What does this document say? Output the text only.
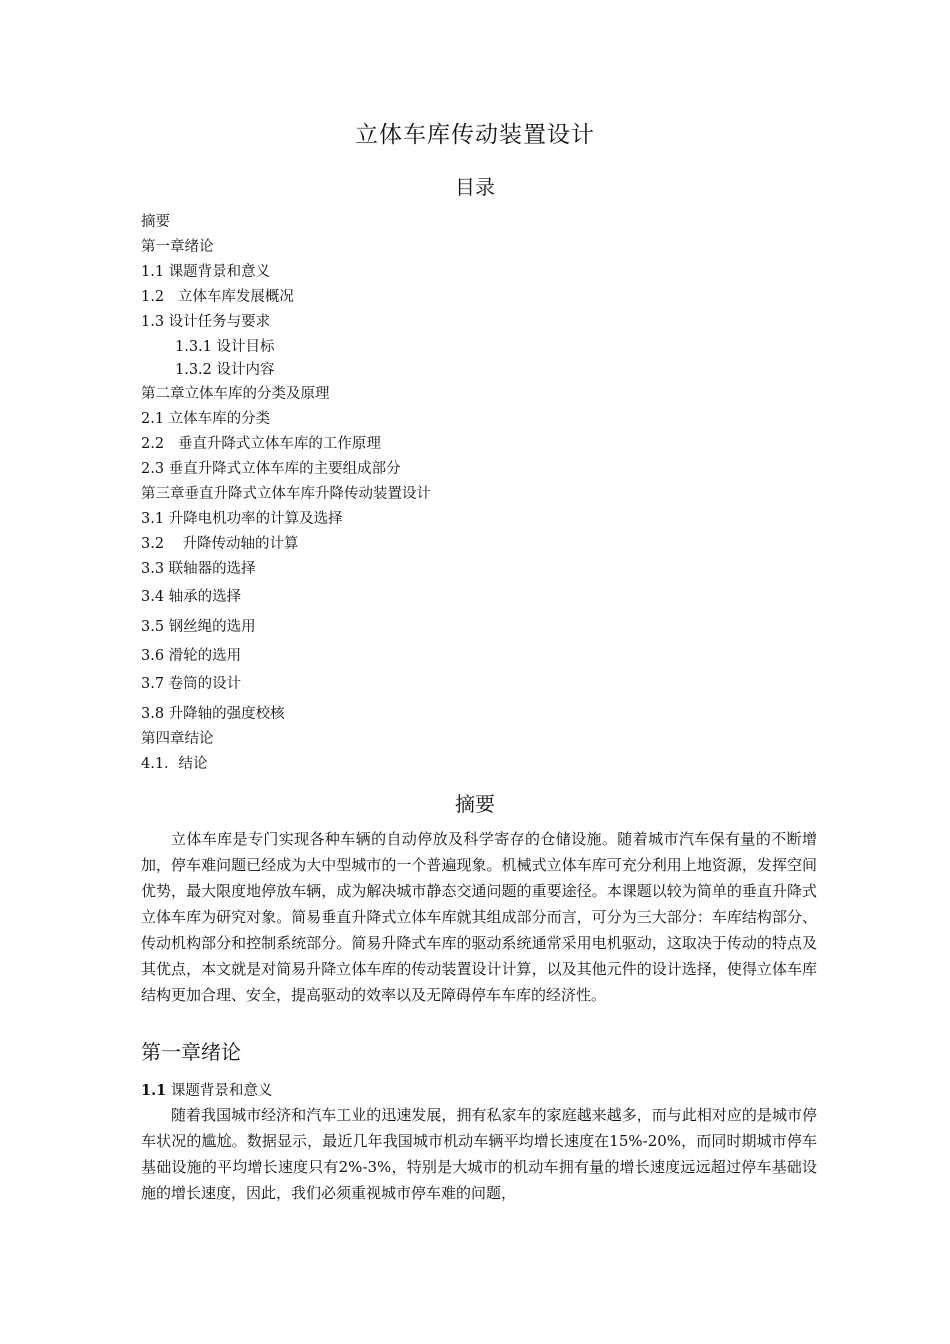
立体车库传动装置设计
目录
摘要
第一章绪论
1.1 课题背景和意义
1.2   立体车库发展概况
1.3 设计任务与要求
1.3.1 设计目标
1.3.2 设计内容
第二章立体车库的分类及原理
2.1 立体车库的分类
2.2   垂直升降式立体车库的工作原理
2.3 垂直升降式立体车库的主要组成部分
第三章垂直升降式立体车库升降传动装置设计
3.1 升降电机功率的计算及选择
3.2    升降传动轴的计算
3.3 联轴器的选择
3.4 轴承的选择
3.5 钢丝绳的选用
3.6 滑轮的选用
3.7 卷筒的设计
3.8 升降轴的强度校核
第四章结论
4.1．结论
摘要

立体车库是专门实现各种车辆的自动停放及科学寄存的仓储设施。随着城市汽车保有量的不断增加，停车难问题已经成为大中型城市的一个普遍现象。机械式立体车库可充分利用上地资源，发挥空间优势，最大限度地停放车辆，成为解决城市静态交通问题的重要途径。本课题以较为简单的垂直升降式立体车库为研究对象。简易垂直升降式立体车库就其组成部分而言，可分为三大部分：车库结构部分、传动机构部分和控制系统部分。简易升降式车库的驱动系统通常采用电机驱动，这取决于传动的特点及其优点，本文就是对简易升降立体车库的传动装置设计计算，以及其他元件的设计选择，使得立体车库结构更加合理、安全，提高驱动的效率以及无障碍停车车库的经济性。

第一章绪论
1.1 课题背景和意义

随着我国城市经济和汽车工业的迅速发展，拥有私家车的家庭越来越多，而与此相对应的是城市停车状况的尴尬。数据显示，最近几年我国城市机动车辆平均增长速度在15%-20%，而同时期城市停车基础设施的平均增长速度只有2%-3%，特别是大城市的机动车拥有量的增长速度远远超过停车基础设施的增长速度，因此，我们必须重视城市停车难的问题，
